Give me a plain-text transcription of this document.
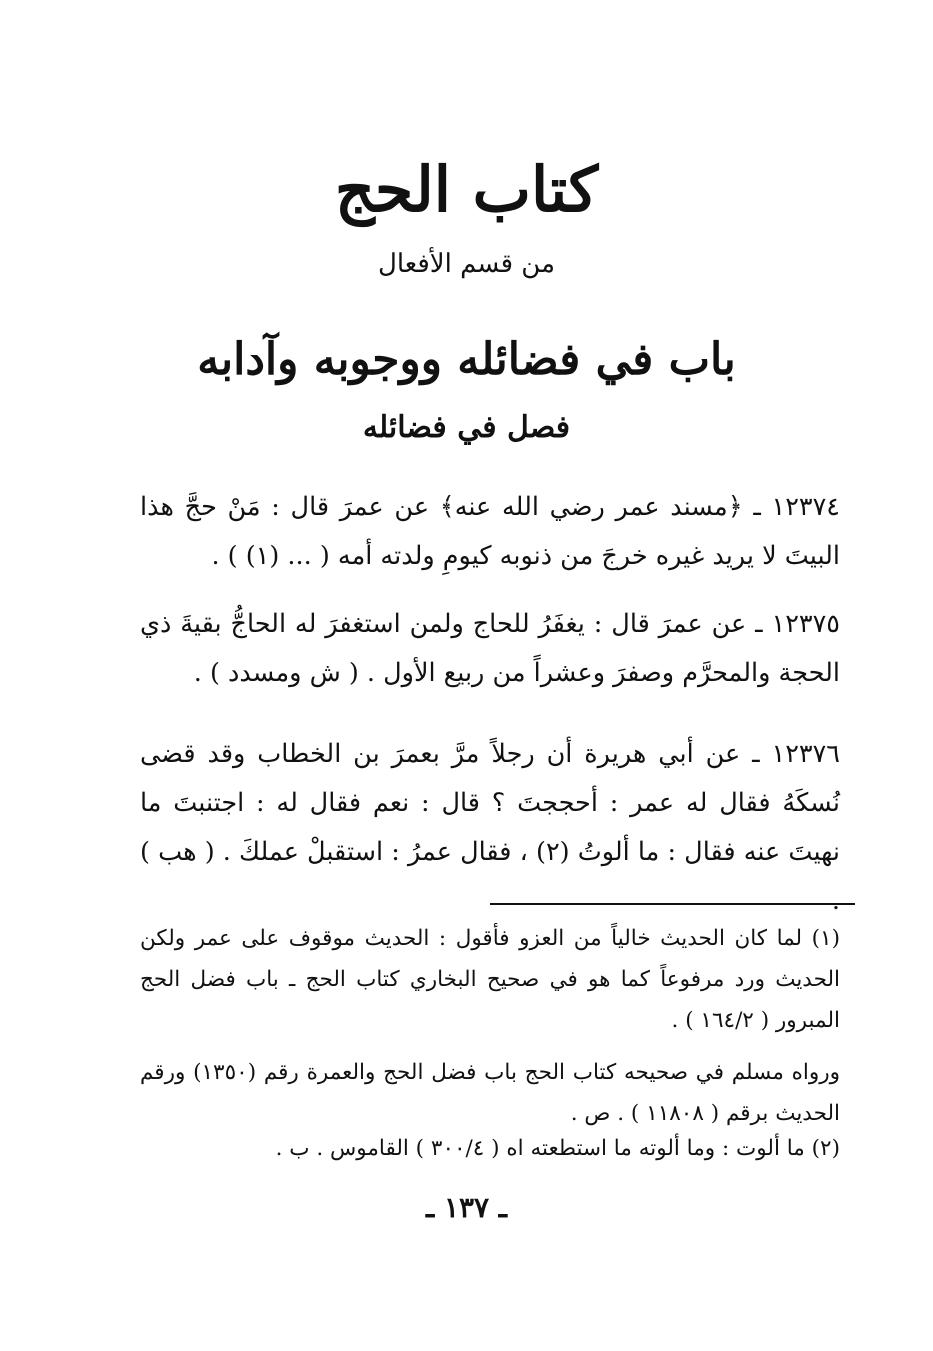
كتاب الحج
من قسم الأفعال
باب في فضائله ووجوبه وآدابه
فصل في فضائله
١٢٣٧٤ ـ ﴿مسند عمر رضي الله عنه﴾ عن عمرَ قال : مَنْ حجَّ هذا البيتَ لا يريد غيره خرجَ من ذنوبه كيومِ ولدته أمه ( ... (١) ) .
١٢٣٧٥ ـ عن عمرَ قال : يغفَرُ للحاج ولمن استغفرَ له الحاجُّ بقيةَ ذي الحجة والمحرَّم وصفرَ وعشراً من ربيع الأول . ( ش ومسدد ) .
١٢٣٧٦ ـ عن أبي هريرة أن رجلاً مرَّ بعمرَ بن الخطاب وقد قضى نُسكَهُ فقال له عمر : أحججتَ ؟ قال : نعم فقال له : اجتنبتَ ما نهيتَ عنه فقال : ما ألوتُ (٢) ، فقال عمرُ : استقبلْ عملكَ . ( هب ) .
(١) لما كان الحديث خالياً من العزو فأقول : الحديث موقوف على عمر ولكن الحديث ورد مرفوعاً كما هو في صحيح البخاري كتاب الحج ـ باب فضل الحج المبرور ( ١٦٤/٢ ) .
ورواه مسلم في صحيحه كتاب الحج باب فضل الحج والعمرة رقم (١٣٥٠) ورقم الحديث برقم ( ١١٨٠٨ ) . ص .
(٢) ما ألوت : وما ألوته ما استطعته اه ( ٣٠٠/٤ ) القاموس . ب .
ـ ١٣٧ ـ
